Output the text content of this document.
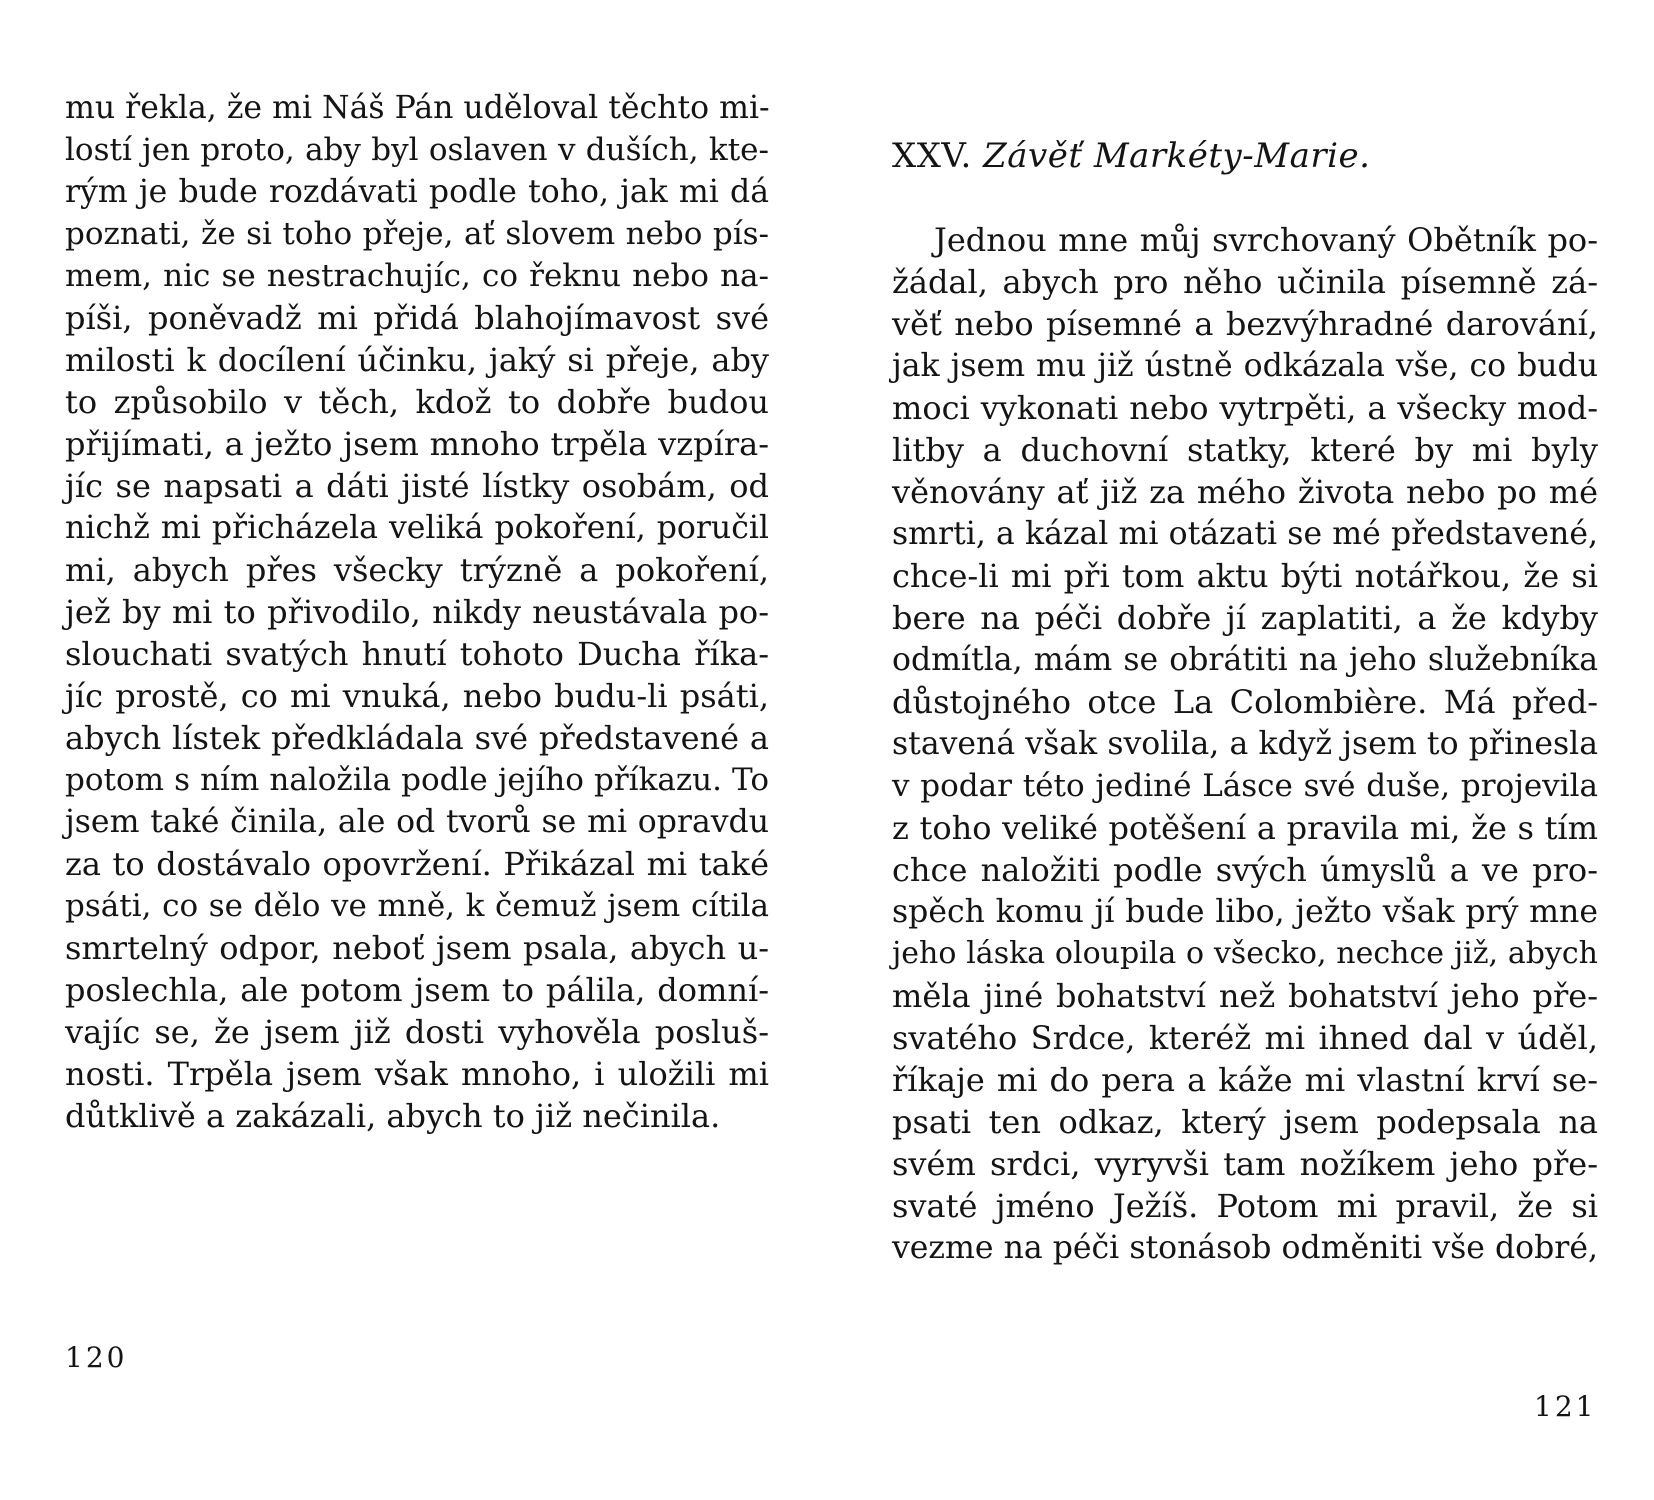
mu řekla, že mi Náš Pán uděloval těchto mi-
lostí jen proto, aby byl oslaven v duších, kte-
rým je bude rozdávati podle toho, jak mi dá
poznati, že si toho přeje, ať slovem nebo pís-
mem, nic se nestrachujíc, co řeknu nebo na-
píši, poněvadž mi přidá blahojímavost své
milosti k docílení účinku, jaký si přeje, aby
to způsobilo v těch, kdož to dobře budou
přijímati, a ježto jsem mnoho trpěla vzpíra-
jíc se napsati a dáti jisté lístky osobám, od
nichž mi přicházela veliká pokoření, poručil
mi, abych přes všecky trýzně a pokoření,
jež by mi to přivodilo, nikdy neustávala po-
slouchati svatých hnutí tohoto Ducha říka-
jíc prostě, co mi vnuká, nebo budu-li psáti,
abych lístek předkládala své představené a
potom s ním naložila podle jejího příkazu. To
jsem také činila, ale od tvorů se mi opravdu
za to dostávalo opovržení. Přikázal mi také
psáti, co se dělo ve mně, k čemuž jsem cítila
smrtelný odpor, neboť jsem psala, abych u-
poslechla, ale potom jsem to pálila, domní-
vajíc se, že jsem již dosti vyhověla posluš-
nosti. Trpěla jsem však mnoho, i uložili mi
důtklivě a zakázali, abych to již nečinila.
120
XXV. Závěť Markéty-Marie.
Jednou mne můj svrchovaný Obětník po-
žádal, abych pro něho učinila písemně zá-
věť nebo písemné a bezvýhradné darování,
jak jsem mu již ústně odkázala vše, co budu
moci vykonati nebo vytrpěti, a všecky mod-
litby a duchovní statky, které by mi byly
věnovány ať již za mého života nebo po mé
smrti, a kázal mi otázati se mé představené,
chce-li mi při tom aktu býti notářkou, že si
bere na péči dobře jí zaplatiti, a že kdyby
odmítla, mám se obrátiti na jeho služebníka
důstojného otce La Colombière. Má před-
stavená však svolila, a když jsem to přinesla
v podar této jediné Lásce své duše, projevila
z toho veliké potěšení a pravila mi, že s tím
chce naložiti podle svých úmyslů a ve pro-
spěch komu jí bude libo, ježto však prý mne
jeho láska oloupila o všecko, nechce již, abych
měla jiné bohatství než bohatství jeho pře-
svatého Srdce, kteréž mi ihned dal v úděl,
říkaje mi do pera a káže mi vlastní krví se-
psati ten odkaz, který jsem podepsala na
svém srdci, vyryvši tam nožíkem jeho pře-
svaté jméno Ježíš. Potom mi pravil, že si
vezme na péči stonásob odměniti vše dobré,
121
